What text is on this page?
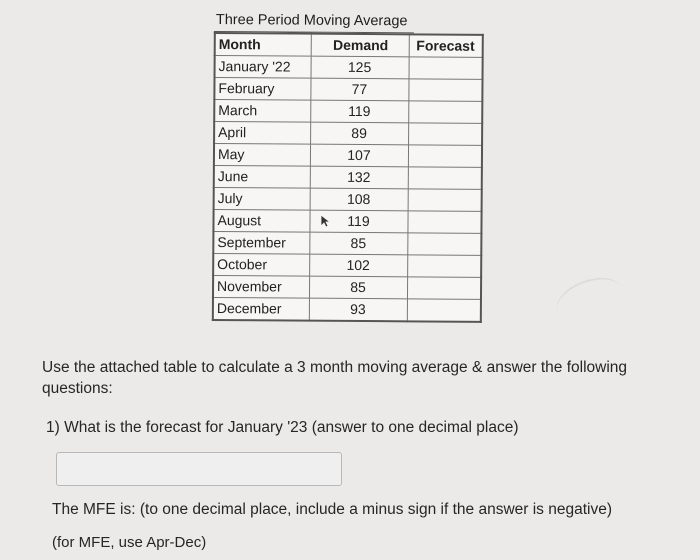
Three Period Moving Average
Month	Demand	Forecast
January '22	125	
February	77	
March	119	
April	89	
May	107	
June	132	
July	108	
August	119	
September	85	
October	102	
November	85	
December	93	
Use the attached table to calculate a 3 month moving average & answer the following questions:
1) What is the forecast for January '23 (answer to one decimal place)
The MFE is: (to one decimal place, include a minus sign if the answer is negative)
(for MFE, use Apr-Dec)
